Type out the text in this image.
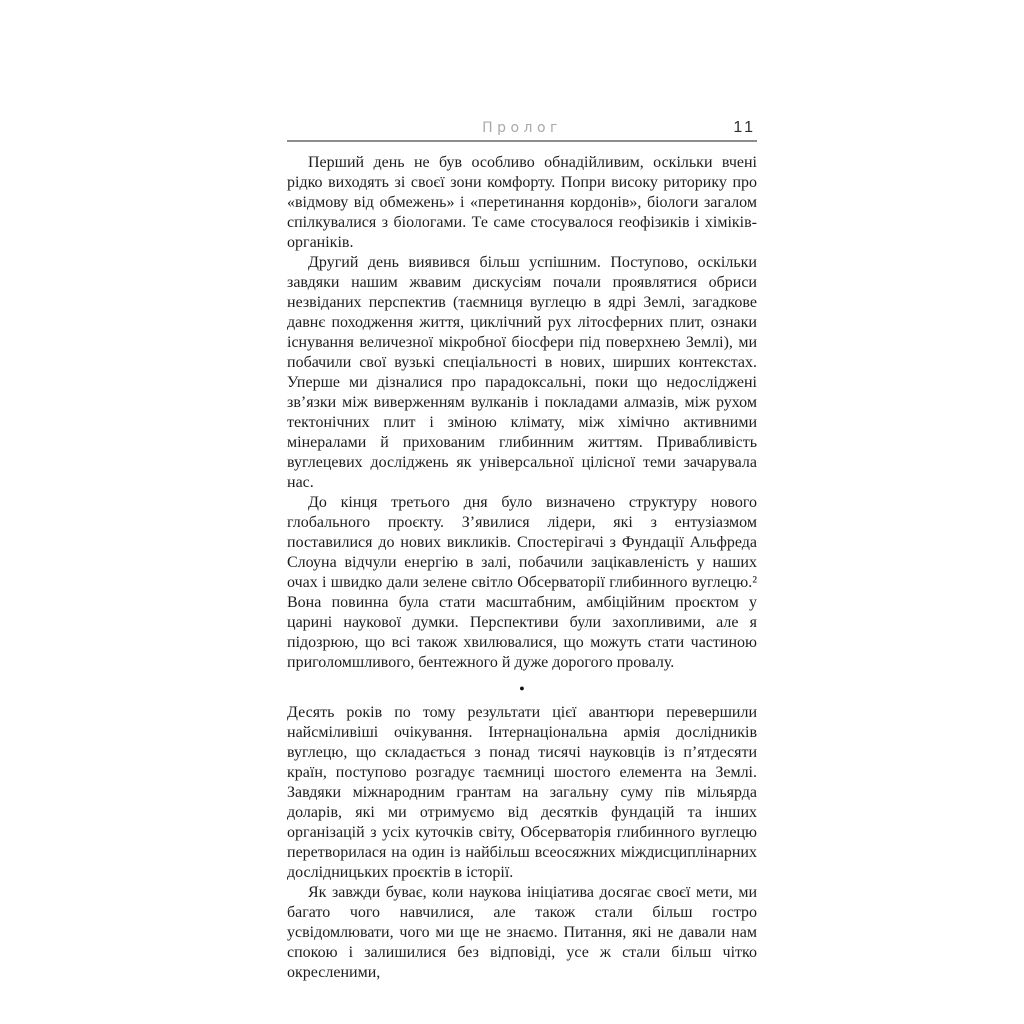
Пролог	11

Перший день не був особливо обнадійливим, оскільки вчені рідко виходять зі своєї зони комфорту. Попри високу риторику про «відмову від обмежень» і «перетинання кордонів», біологи загалом спілкувалися з біологами. Те саме стосувалося геофізиків і хіміків-органіків.

Другий день виявився більш успішним. Поступово, оскільки завдяки нашим жвавим дискусіям почали проявлятися обриси незвіданих перспектив (таємниця вуглецю в ядрі Землі, загадкове давнє походження життя, циклічний рух літосферних плит, ознаки існування величезної мікробної біосфери під поверхнею Землі), ми побачили свої вузькі спеціальності в нових, ширших контекстах. Уперше ми дізналися про парадоксальні, поки що недосліджені зв’язки між виверженням вулканів і покладами алмазів, між рухом тектонічних плит і зміною клімату, між хімічно активними мінералами й прихованим глибинним життям. Привабливість вуглецевих досліджень як універсальної цілісної теми зачарувала нас.

До кінця третього дня було визначено структуру нового глобального проєкту. З’явилися лідери, які з ентузіазмом поставилися до нових викликів. Спостерігачі з Фундації Альфреда Слоуна відчули енергію в залі, побачили зацікавленість у наших очах і швидко дали зелене світло Обсерваторії глибинного вуглецю.² Вона повинна була стати масштабним, амбіційним проєктом у царині наукової думки. Перспективи були захопливими, але я підозрюю, що всі також хвилювалися, що можуть стати частиною приголомшливого, бентежного й дуже дорогого провалу.

●

Десять років по тому результати цієї авантюри перевершили найсміливіші очікування. Інтернаціональна армія дослідників вуглецю, що складається з понад тисячі науковців із п’ятдесяти країн, поступово розгадує таємниці шостого елемента на Землі. Завдяки міжнародним грантам на загальну суму пів мільярда доларів, які ми отримуємо від десятків фундацій та інших організацій з усіх куточків світу, Обсерваторія глибинного вуглецю перетворилася на один із найбільш всеосяжних міждисциплінарних дослідницьких проєктів в історії.

Як завжди буває, коли наукова ініціатива досягає своєї мети, ми багато чого навчилися, але також стали більш гостро усвідомлювати, чого ми ще не знаємо. Питання, які не давали нам спокою і залишилися без відповіді, усе ж стали більш чітко окресленими,
